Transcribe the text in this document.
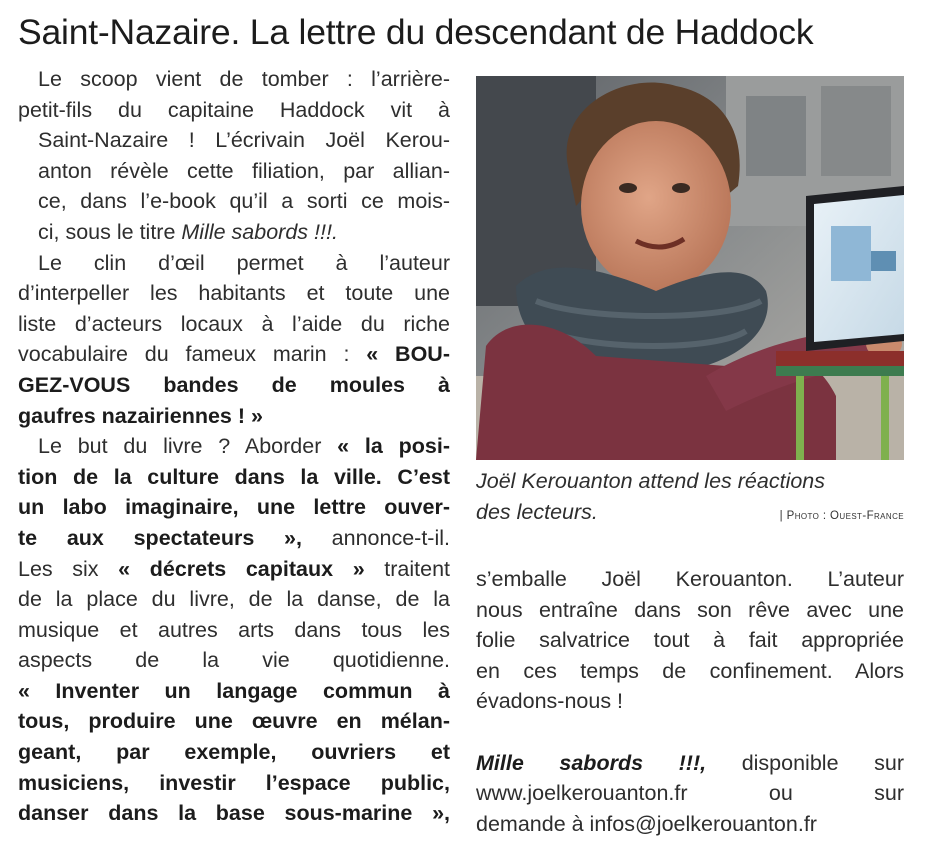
Saint-Nazaire. La lettre du descendant de Haddock

Le scoop vient de tomber : l’arrière-
petit-fils du capitaine Haddock vit à
Saint-Nazaire ! L’écrivain Joël Kerou-
anton révèle cette filiation, par allian-
ce, dans l’e-book qu’il a sorti ce mois-
ci, sous le titre Mille sabords !!!.

Le clin d’œil permet à l’auteur
d’interpeller les habitants et toute une
liste d’acteurs locaux à l’aide du riche
vocabulaire du fameux marin : « BOU-
GEZ-VOUS bandes de moules à
gaufres nazairiennes ! »

Le but du livre ? Aborder « la posi-
tion de la culture dans la ville. C’est
un labo imaginaire, une lettre ouver-
te aux spectateurs », annonce-t-il.
Les six « décrets capitaux » traitent
de la place du livre, de la danse, de la
musique et autres arts dans tous les
aspects de la vie quotidienne.
« Inventer un langage commun à
tous, produire une œuvre en mélan-
geant, par exemple, ouvriers et
musiciens, investir l’espace public,
danser dans la base sous-marine »,

Joël Kerouanton attend les réactions
des lecteurs.	| Photo : Ouest-France
s’emballe Joël Kerouanton. L’auteur
nous entraîne dans son rêve avec une
folie salvatrice tout à fait appropriée
en ces temps de confinement. Alors
évadons-nous !

Mille sabords !!!, disponible sur
www.joelkerouanton.fr ou sur
demande à infos@joelkerouanton.fr
